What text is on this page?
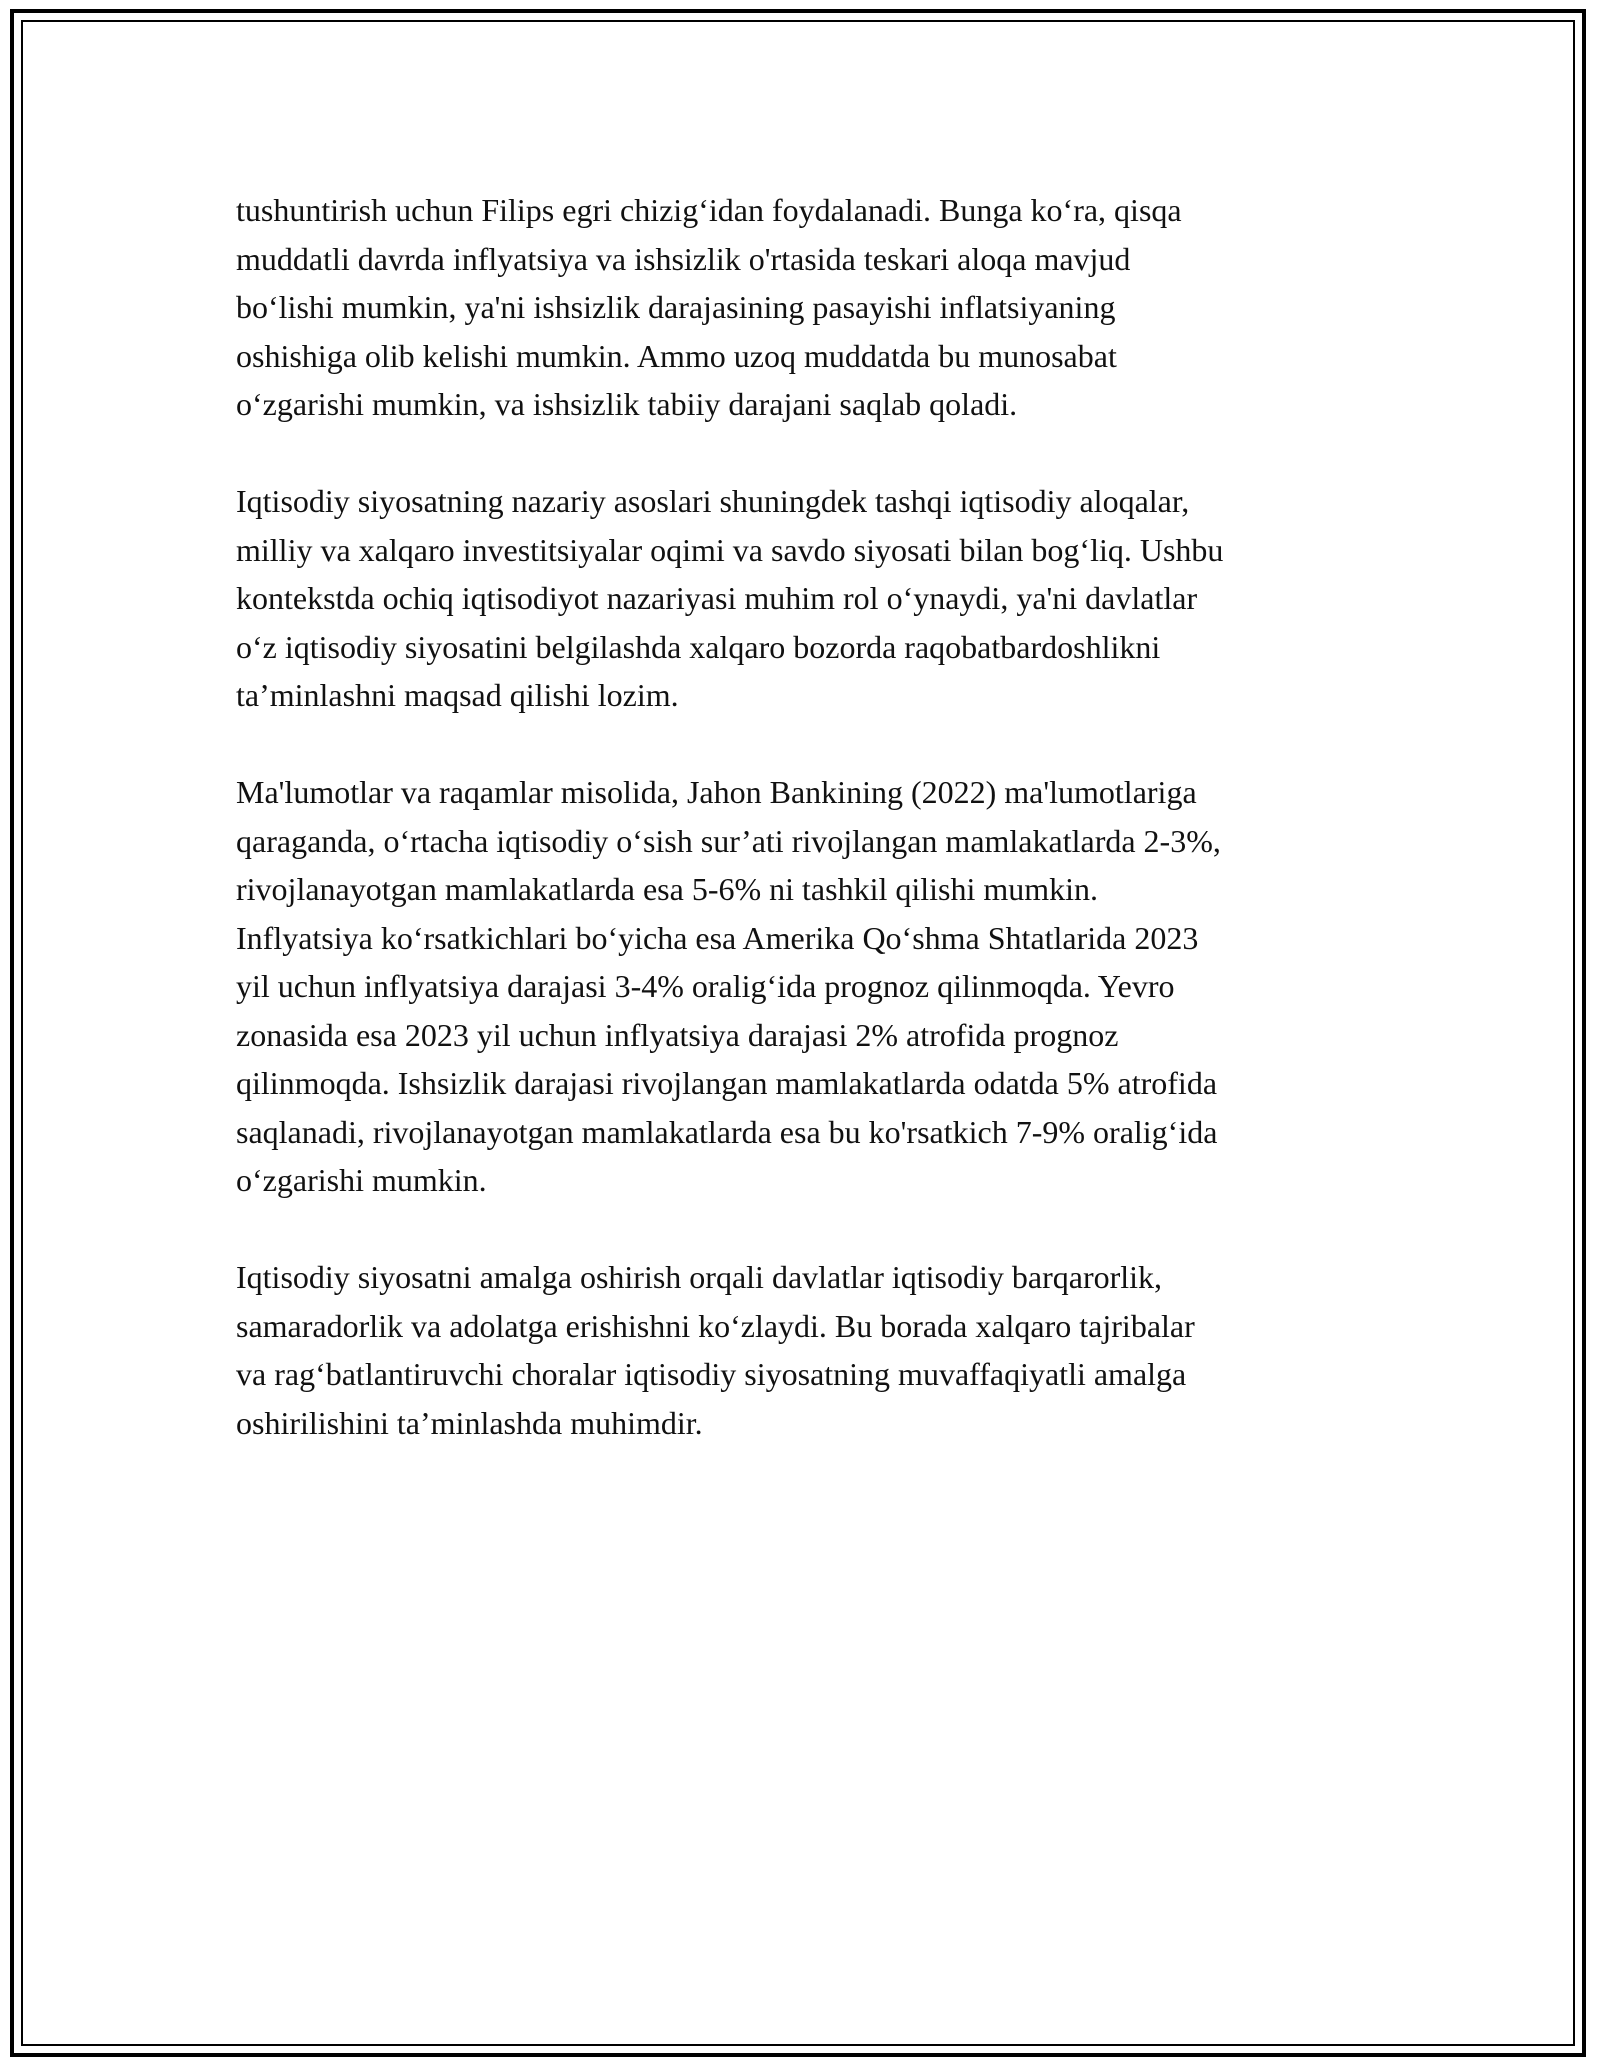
tushuntirish uchun Filips egri chizig‘idan foydalanadi. Bunga ko‘ra, qisqa
muddatli davrda inflyatsiya va ishsizlik o'rtasida teskari aloqa mavjud
bo‘lishi mumkin, ya'ni ishsizlik darajasining pasayishi inflatsiyaning
oshishiga olib kelishi mumkin. Ammo uzoq muddatda bu munosabat
o‘zgarishi mumkin, va ishsizlik tabiiy darajani saqlab qoladi.

Iqtisodiy siyosatning nazariy asoslari shuningdek tashqi iqtisodiy aloqalar,
milliy va xalqaro investitsiyalar oqimi va savdo siyosati bilan bog‘liq. Ushbu
kontekstda ochiq iqtisodiyot nazariyasi muhim rol o‘ynaydi, ya'ni davlatlar
o‘z iqtisodiy siyosatini belgilashda xalqaro bozorda raqobatbardoshlikni
ta’minlashni maqsad qilishi lozim.

Ma'lumotlar va raqamlar misolida, Jahon Bankining (2022) ma'lumotlariga
qaraganda, o‘rtacha iqtisodiy o‘sish sur’ati rivojlangan mamlakatlarda 2-3%,
rivojlanayotgan mamlakatlarda esa 5-6% ni tashkil qilishi mumkin.
Inflyatsiya ko‘rsatkichlari bo‘yicha esa Amerika Qo‘shma Shtatlarida 2023
yil uchun inflyatsiya darajasi 3-4% oralig‘ida prognoz qilinmoqda. Yevro
zonasida esa 2023 yil uchun inflyatsiya darajasi 2% atrofida prognoz
qilinmoqda. Ishsizlik darajasi rivojlangan mamlakatlarda odatda 5% atrofida
saqlanadi, rivojlanayotgan mamlakatlarda esa bu ko'rsatkich 7-9% oralig‘ida
o‘zgarishi mumkin.

Iqtisodiy siyosatni amalga oshirish orqali davlatlar iqtisodiy barqarorlik,
samaradorlik va adolatga erishishni ko‘zlaydi. Bu borada xalqaro tajribalar
va rag‘batlantiruvchi choralar iqtisodiy siyosatning muvaffaqiyatli amalga
oshirilishini ta’minlashda muhimdir.
